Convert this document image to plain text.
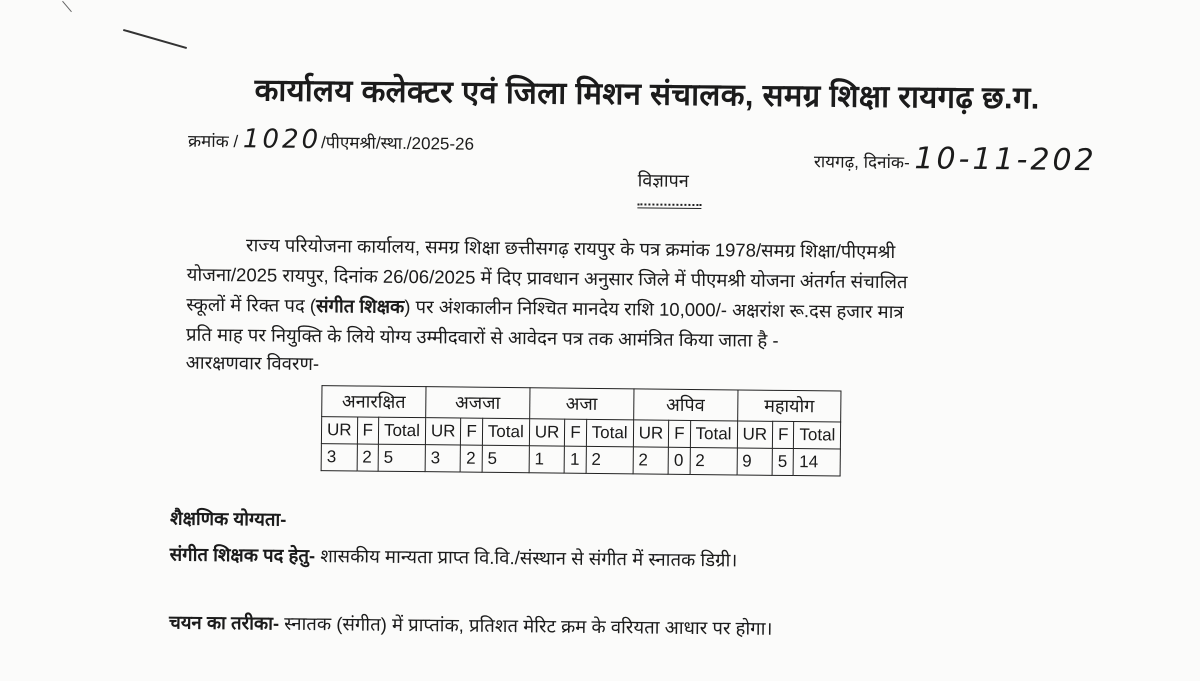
कार्यालय कलेक्टर एवं जिला मिशन संचालक, समग्र शिक्षा रायगढ़ छ.ग.
क्रमांक / 1020/पीएमश्री/स्था./2025-26
रायगढ़, दिनांक- 10-11-202
विज्ञापन
राज्य परियोजना कार्यालय, समग्र शिक्षा छत्तीसगढ़ रायपुर के पत्र क्रमांक 1978/समग्र शिक्षा/पीएमश्री
योजना/2025 रायपुर, दिनांक 26/06/2025 में दिए प्रावधान अनुसार जिले में पीएमश्री योजना अंतर्गत संचालित
स्कूलों में रिक्त पद (संगीत शिक्षक) पर अंशकालीन निश्चित मानदेय राशि 10,000/- अक्षरांश रू.दस हजार मात्र
प्रति माह पर नियुक्ति के लिये योग्य उम्मीदवारों से आवेदन पत्र तक आमंत्रित किया जाता है -
आरक्षणवार विवरण-
अनारक्षित			अजजा			अजा			अपिव			महायोग		
UR	F	Total	UR	F	Total	UR	F	Total	UR	F	Total	UR	F	Total
3	2	5	3	2	5	1	1	2	2	0	2	9	5	14
शैक्षणिक योग्यता-
संगीत शिक्षक पद हेतु- शासकीय मान्यता प्राप्त वि.वि./संस्थान से संगीत में स्नातक डिग्री।
चयन का तरीका- स्नातक (संगीत) में प्राप्तांक, प्रतिशत मेरिट क्रम के वरियता आधार पर होगा।
